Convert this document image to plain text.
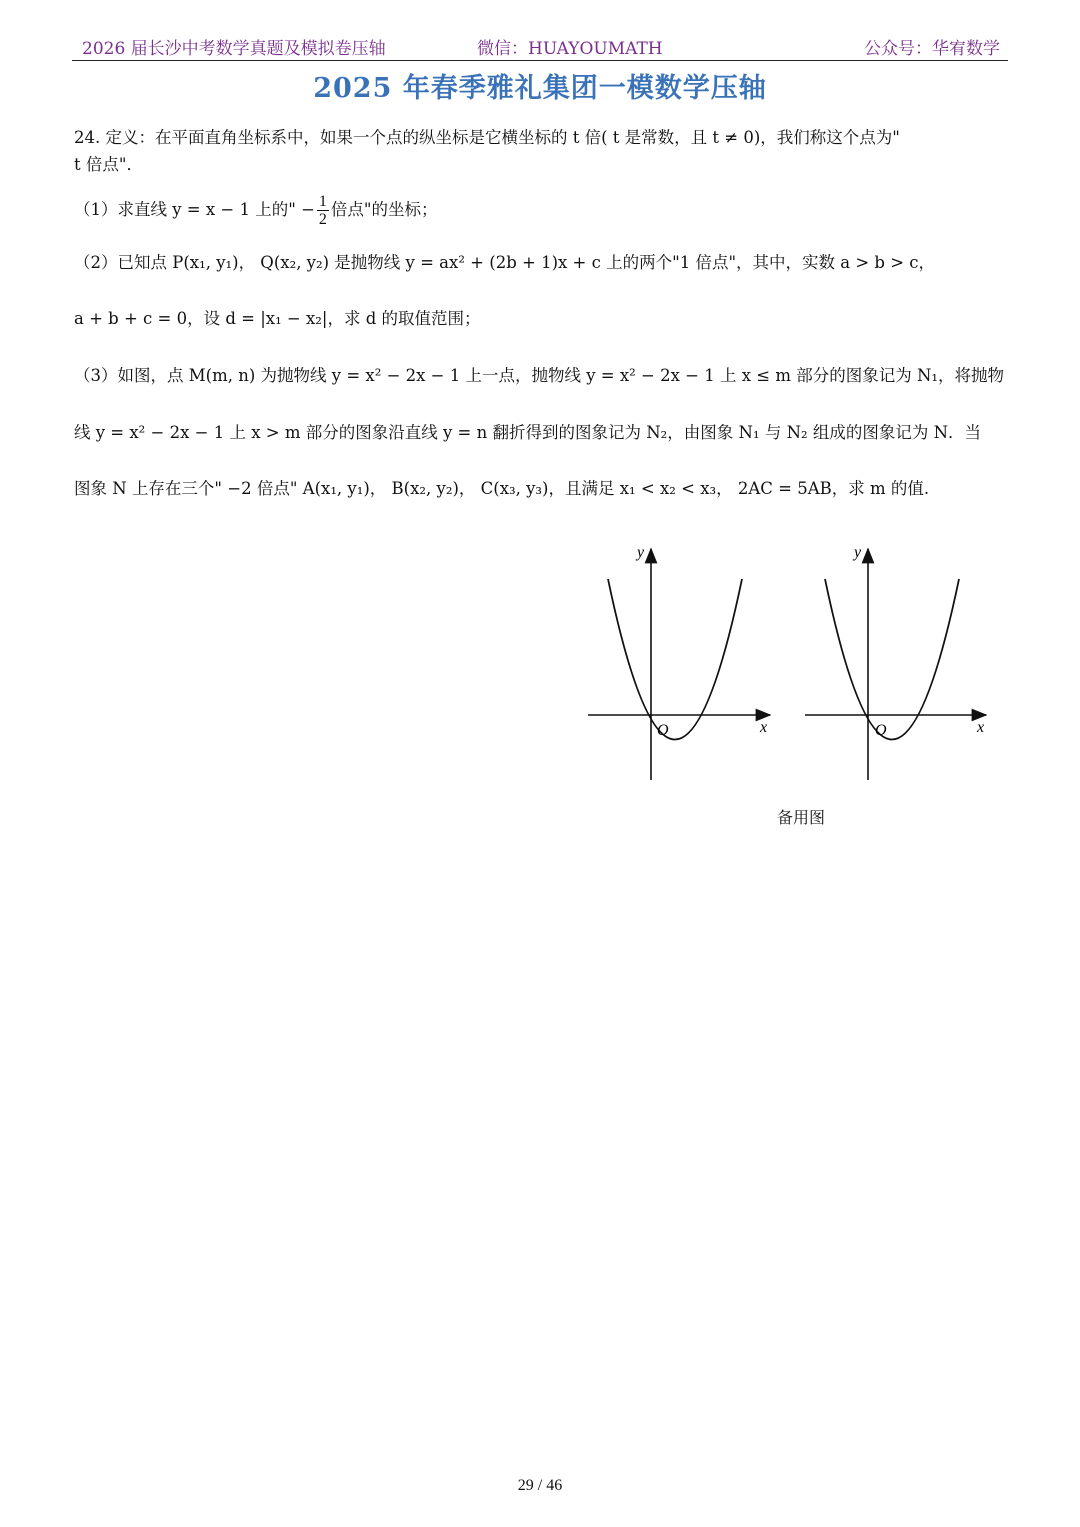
2026 届长沙中考数学真题及模拟卷压轴	微信：HUAYOUMATH	公众号：华宥数学
2025 年春季雅礼集团一模数学压轴
24. 定义：在平面直角坐标系中，如果一个点的纵坐标是它横坐标的 t 倍( t 是常数，且 t ≠ 0)，我们称这个点为"
t 倍点"．
（1）求直线 y = x − 1 上的" − $\frac{1}{2}$ 倍点"的坐标；
（2）已知点 P(x₁, y₁)， Q(x₂, y₂) 是抛物线 y = ax² + (2b + 1)x + c 上的两个"1 倍点"，其中，实数 a > b > c，
a + b + c = 0，设 d = |x₁ − x₂|，求 d 的取值范围；
（3）如图，点 M(m, n) 为抛物线 y = x² − 2x − 1 上一点，抛物线 y = x² − 2x − 1 上 x ≤ m 部分的图象记为 N₁，将抛物
线 y = x² − 2x − 1 上 x > m 部分的图象沿直线 y = n 翻折得到的图象记为 N₂，由图象 N₁ 与 N₂ 组成的图象记为 N．当
图象 N 上存在三个" −2 倍点" A(x₁, y₁)， B(x₂, y₂)， C(x₃, y₃)，且满足 x₁ < x₂ < x₃， 2AC = 5AB，求 m 的值.
y
x
O
y
x
O
备用图
29 / 46
